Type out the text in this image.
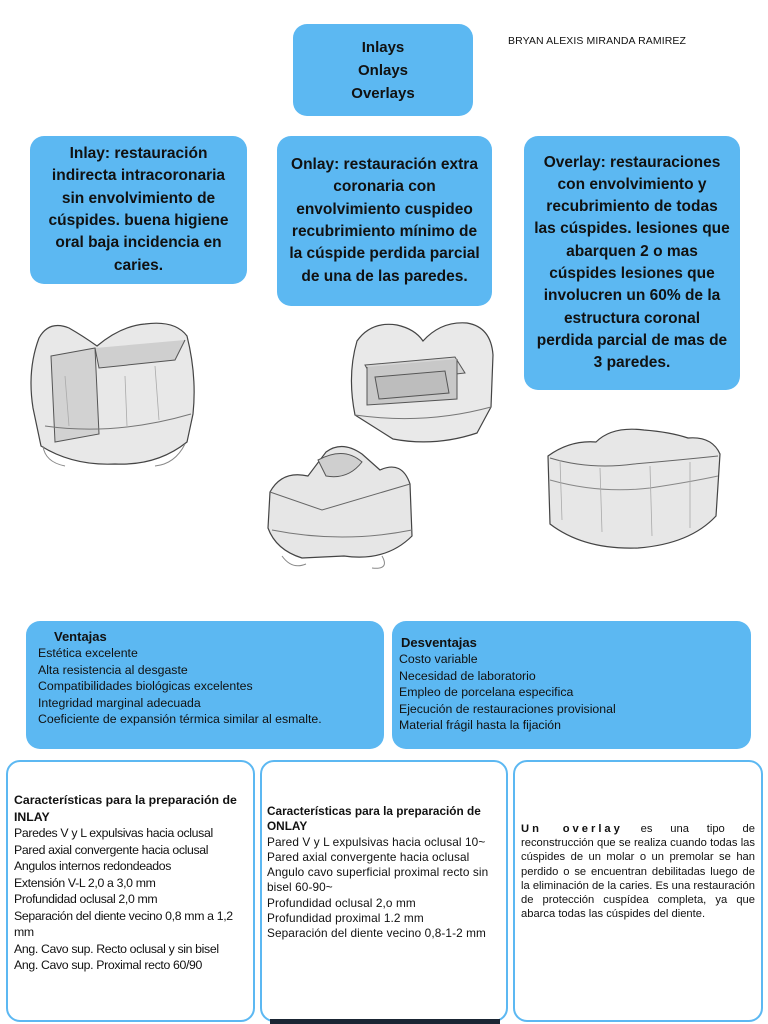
Inlays
Onlays
Overlays
BRYAN ALEXIS MIRANDA RAMIREZ
Inlay: restauración indirecta intracoronaria sin envolvimiento de cúspides. buena higiene oral baja incidencia en caries.
Onlay: restauración extra coronaria con envolvimiento cuspideo recubrimiento mínimo de la cúspide perdida parcial de una de las paredes.
Overlay: restauraciones con envolvimiento y recubrimiento de todas las cúspides. lesiones que abarquen 2 o mas cúspides lesiones que involucren un 60% de la estructura coronal perdida parcial de mas de 3 paredes.
Ventajas
Estética excelente
Alta resistencia al desgaste
Compatibilidades biológicas excelentes
Integridad marginal adecuada
Coeficiente de expansión térmica similar al esmalte.
Desventajas
Costo variable
Necesidad de laboratorio
Empleo de porcelana especifica
Ejecución de restauraciones provisional
Material frágil hasta la fijación
Características para la preparación de INLAY
Paredes V y L expulsivas hacia oclusal
Pared axial convergente hacia oclusal
Angulos internos redondeados
Extensión V-L 2,0 a 3,0 mm
Profundidad oclusal 2,0 mm
Separación del diente vecino 0,8 mm a 1,2 mm
Ang. Cavo sup. Recto oclusal y sin bisel
Ang. Cavo sup. Proximal recto 60/90
Características para la preparación de ONLAY
Pared V y L expulsivas hacia oclusal 10~
Pared axial convergente hacia oclusal
Angulo cavo superficial proximal recto sin bisel 60-90~
Profundidad oclusal 2,o mm
Profundidad proximal 1.2 mm
Separación del diente vecino 0,8-1-2 mm

Un overlay es una tipo de reconstrucción que se realiza cuando todas las cúspides de un molar o un premolar se han perdido o se encuentran debilitadas luego de la eliminación de la caries. Es una restauración de protección cuspídea completa, ya que abarca todas las cúspides del diente.
